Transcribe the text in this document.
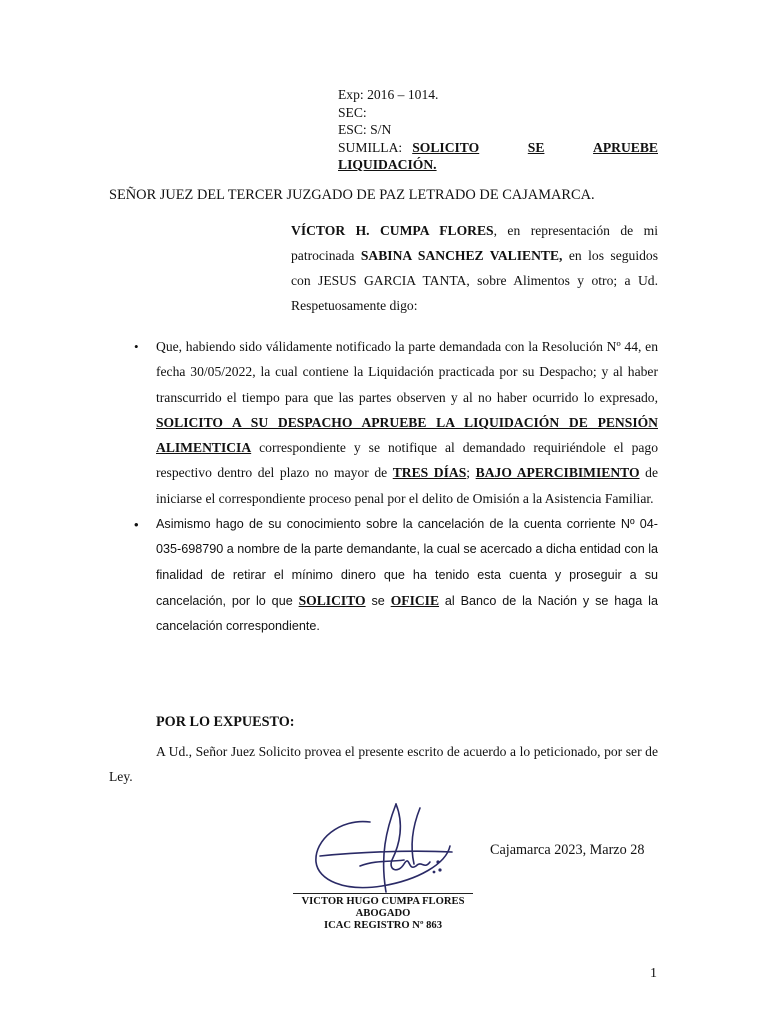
Exp: 2016 – 1014.
SEC:
ESC: S/N
SUMILLA: SOLICITO	SE	APRUEBE
LIQUIDACIÓN.
SEÑOR JUEZ DEL TERCER JUZGADO DE PAZ LETRADO DE CAJAMARCA.
VÍCTOR H. CUMPA FLORES, en representación de mi patrocinada SABINA SANCHEZ VALIENTE, en los seguidos con JESUS GARCIA TANTA, sobre Alimentos y otro; a Ud. Respetuosamente digo:
• Que, habiendo sido válidamente notificado la parte demandada con la Resolución Nº 44, en fecha 30/05/2022, la cual contiene la Liquidación practicada por su Despacho; y al haber transcurrido el tiempo para que las partes observen y al no haber ocurrido lo expresado, SOLICITO A SU DESPACHO APRUEBE LA LIQUIDACIÓN DE PENSIÓN ALIMENTICIA correspondiente y se notifique al demandado requiriéndole el pago respectivo dentro del plazo no mayor de TRES DÍAS; BAJO APERCIBIMIENTO de iniciarse el correspondiente proceso penal por el delito de Omisión a la Asistencia Familiar.
• Asimismo hago de su conocimiento sobre la cancelación de la cuenta corriente Nº 04-035-698790 a nombre de la parte demandante, la cual se acercado a dicha entidad con la finalidad de retirar el mínimo dinero que ha tenido esta cuenta y proseguir a su cancelación, por lo que SOLICITO se OFICIE al Banco de la Nación y se haga la cancelación correspondiente.
POR LO EXPUESTO:
A Ud., Señor Juez Solicito provea el presente escrito de acuerdo a lo peticionado, por ser de Ley.
Cajamarca 2023, Marzo 28
VICTOR HUGO CUMPA FLORES
ABOGADO
ICAC REGISTRO Nº 863
1
